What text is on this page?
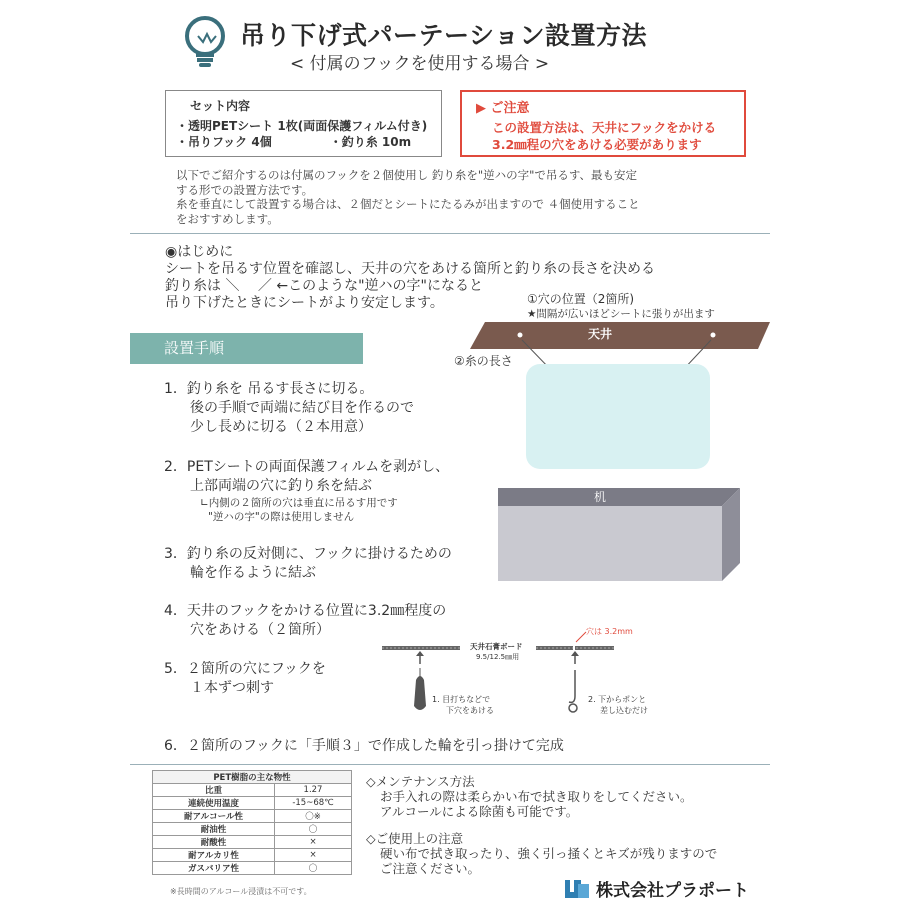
吊り下げ式パーテーション設置方法
< 付属のフックを使用する場合 >
セット内容
・透明PETシート 1枚(両面保護フィルム付き)
・吊りフック 4個	・釣り糸 10m
▶ ご注意
この設置方法は、天井にフックをかける
3.2㎜程の穴をあける必要があります
以下でご紹介するのは付属のフックを２個使用し 釣り糸を"逆ハの字"で吊るす、最も安定
する形での設置方法です。
糸を垂直にして設置する場合は、２個だとシートにたるみが出ますので ４個使用すること
をおすすめします。
◉はじめに
シートを吊るす位置を確認し、天井の穴をあける箇所と釣り糸の長さを決める
釣り糸は ＼　 ／ ←このような"逆ハの字"になると
吊り下げたときにシートがより安定します。	①穴の位置（2箇所)
★間隔が広いほどシートに張りが出ます
天井
②糸の長さ
机
設置手順
1．釣り糸を 吊るす長さに切る。
後の手順で両端に結び目を作るので
少し長めに切る（２本用意）
2．PETシートの両面保護フィルムを剥がし、
上部両端の穴に釣り糸を結ぶ
∟内側の２箇所の穴は垂直に吊るす用です
"逆ハの字"の際は使用しません
3．釣り糸の反対側に、フックに掛けるための
輪を作るように結ぶ
4．天井のフックをかける位置に3.2㎜程度の
穴をあける（２箇所）
5．２箇所の穴にフックを
１本ずつ刺す
天井石膏ボード
9.5/12.5㎜用
穴は 3.2mm
1. 目打ちなどで
下穴をあける
2. 下からポンと
差し込むだけ
6．２箇所のフックに「手順３」で作成した輪を引っ掛けて完成
PET樹脂の主な物性	
比重	1.27
連続使用温度	-15~68℃
耐アルコール性	〇※
耐油性	〇
耐酸性	×
耐アルカリ性	×
ガスバリア性	〇
※長時間のアルコール浸漬は不可です。
◇メンテナンス方法
お手入れの際は柔らかい布で拭き取りをしてください。
アルコールによる除菌も可能です。
◇ご使用上の注意
硬い布で拭き取ったり、強く引っ掻くとキズが残りますので
ご注意ください。
株式会社プラポート
